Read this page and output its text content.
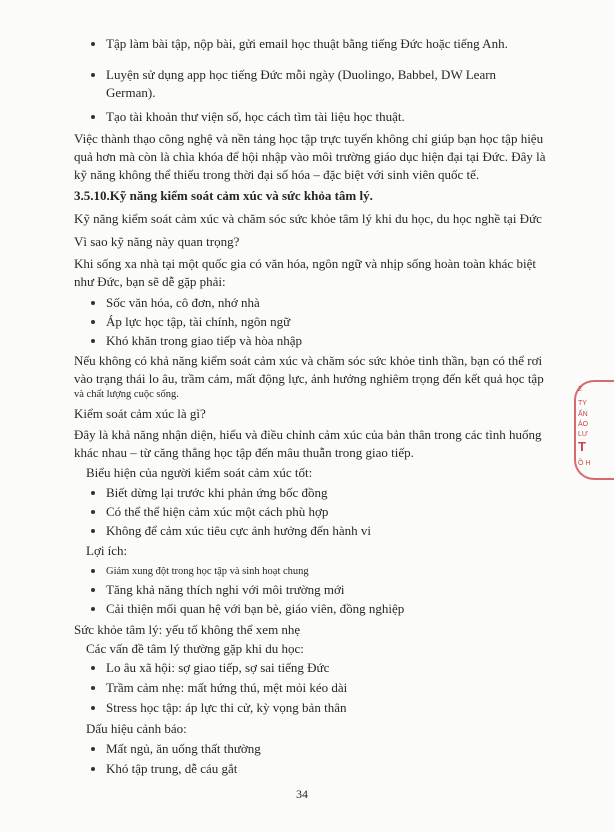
Tập làm bài tập, nộp bài, gửi email học thuật bằng tiếng Đức hoặc tiếng Anh.
Luyện sử dụng app học tiếng Đức mỗi ngày (Duolingo, Babbel, DW Learn
German).
Tạo tài khoản thư viện số, học cách tìm tài liệu học thuật.
Việc thành thạo công nghệ và nền tảng học tập trực tuyến không chỉ giúp bạn học tập hiệu
quả hơn mà còn là chìa khóa để hội nhập vào môi trường giáo dục hiện đại tại Đức. Đây là
kỹ năng không thể thiếu trong thời đại số hóa – đặc biệt với sinh viên quốc tế.
3.5.10.Kỹ năng kiểm soát cảm xúc và sức khỏa tâm lý.
Kỹ năng kiểm soát cảm xúc và chăm sóc sức khỏe tâm lý khi du học, du học nghề tại Đức
Vì sao kỹ năng này quan trọng?
Khi sống xa nhà tại một quốc gia có văn hóa, ngôn ngữ và nhịp sống hoàn toàn khác biệt
như Đức, bạn sẽ dễ gặp phải:
Sốc văn hóa, cô đơn, nhớ nhà
Áp lực học tập, tài chính, ngôn ngữ
Khó khăn trong giao tiếp và hòa nhập
Nếu không có khả năng kiểm soát cảm xúc và chăm sóc sức khỏe tinh thần, bạn có thể rơi
vào trạng thái lo âu, trầm cảm, mất động lực, ảnh hưởng nghiêm trọng đến kết quả học tập
và chất lượng cuộc sống.
Kiểm soát cảm xúc là gì?
Đây là khả năng nhận diện, hiểu và điều chỉnh cảm xúc của bản thân trong các tình huống
khác nhau – từ căng thẳng học tập đến mâu thuẫn trong giao tiếp.
Biểu hiện của người kiểm soát cảm xúc tốt:
Biết dừng lại trước khi phản ứng bốc đồng
Có thể thể hiện cảm xúc một cách phù hợp
Không để cảm xúc tiêu cực ảnh hưởng đến hành vi
Lợi ích:
Giảm xung đột trong học tập và sinh hoạt chung
Tăng khả năng thích nghi với môi trường mới
Cải thiện mối quan hệ với bạn bè, giáo viên, đồng nghiệp
Sức khỏe tâm lý: yếu tố không thể xem nhẹ
Các vấn đề tâm lý thường gặp khi du học:
Lo âu xã hội: sợ giao tiếp, sợ sai tiếng Đức
Trầm cảm nhẹ: mất hứng thú, mệt mỏi kéo dài
Stress học tập: áp lực thi cử, kỳ vọng bản thân
Dấu hiệu cảnh báo:
Mất ngủ, ăn uống thất thường
Khó tập trung, dễ cáu gắt
34
2
TY
ẤN
ÁO
LƯ
T
Ồ H
